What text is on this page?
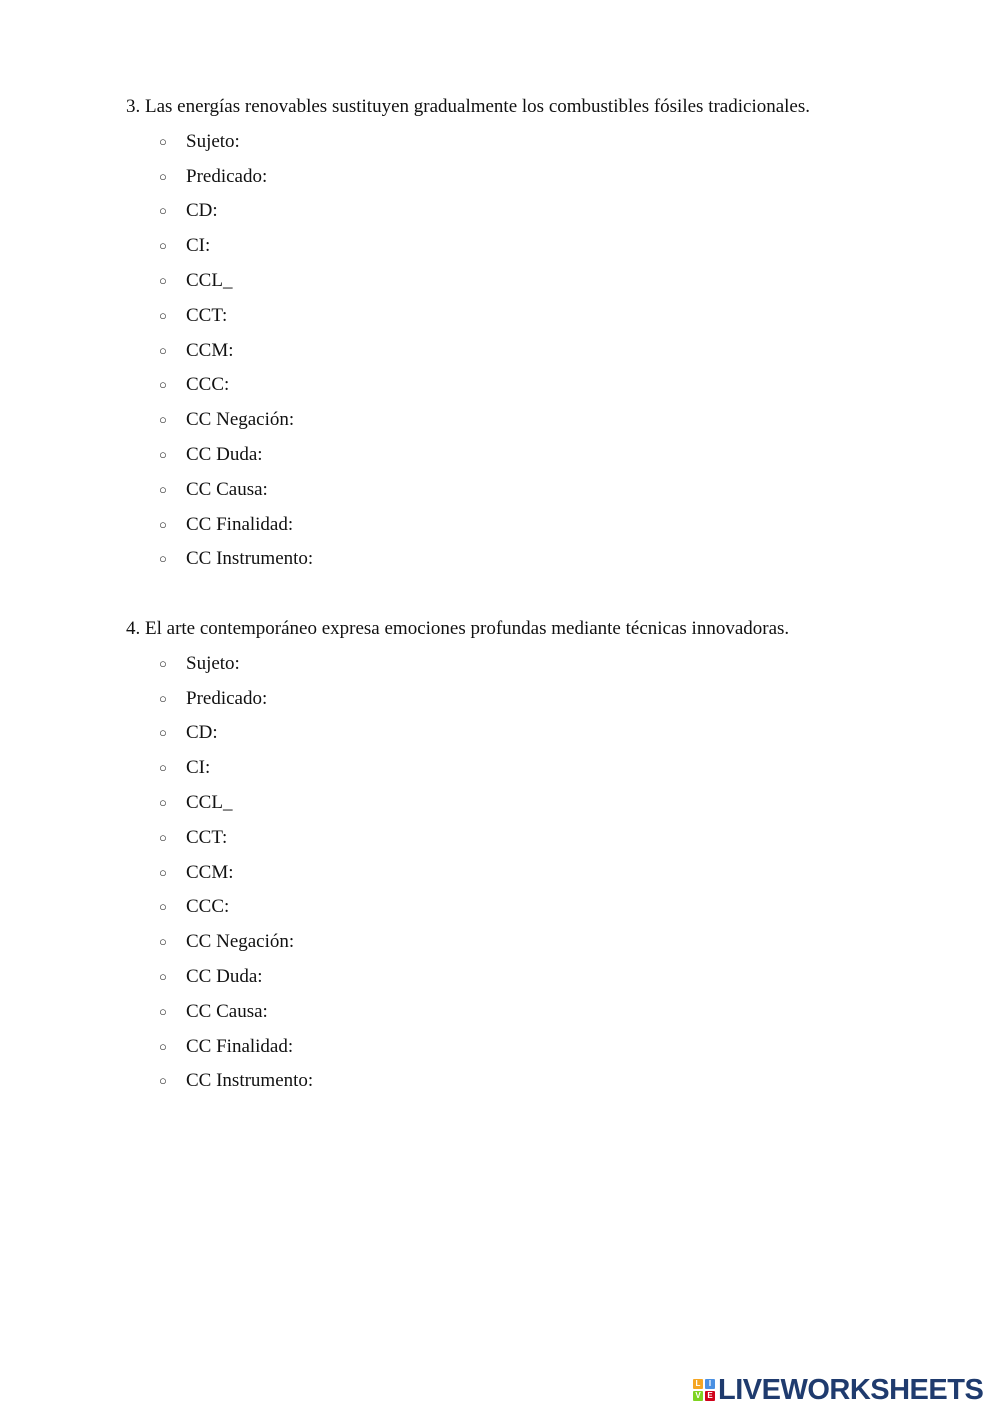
3. Las energías renovables sustituyen gradualmente los combustibles fósiles tradicionales.
○ Sujeto:
○ Predicado:
○ CD:
○ CI:
○ CCL_
○ CCT:
○ CCM:
○ CCC:
○ CC Negación:
○ CC Duda:
○ CC Causa:
○ CC Finalidad:
○ CC Instrumento:
4. El arte contemporáneo expresa emociones profundas mediante técnicas innovadoras.
○ Sujeto:
○ Predicado:
○ CD:
○ CI:
○ CCL_
○ CCT:
○ CCM:
○ CCC:
○ CC Negación:
○ CC Duda:
○ CC Causa:
○ CC Finalidad:
○ CC Instrumento:
L	I
V E LIVEWORKSHEETS
